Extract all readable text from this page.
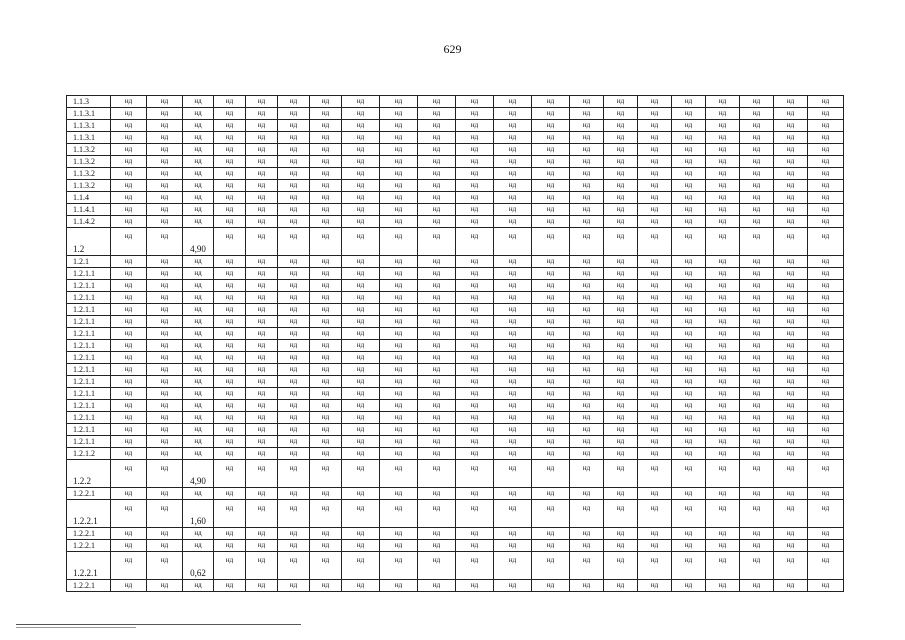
629
1.1.3	нд	нд	нд	нд	нд	нд	нд	нд	нд	нд	нд	нд	нд	нд	нд	нд	нд	нд	нд	нд	нд
1.1.3.1	нд	нд	нд	нд	нд	нд	нд	нд	нд	нд	нд	нд	нд	нд	нд	нд	нд	нд	нд	нд	нд
1.1.3.1	нд	нд	нд	нд	нд	нд	нд	нд	нд	нд	нд	нд	нд	нд	нд	нд	нд	нд	нд	нд	нд
1.1.3.1	нд	нд	нд	нд	нд	нд	нд	нд	нд	нд	нд	нд	нд	нд	нд	нд	нд	нд	нд	нд	нд
1.1.3.2	нд	нд	нд	нд	нд	нд	нд	нд	нд	нд	нд	нд	нд	нд	нд	нд	нд	нд	нд	нд	нд
1.1.3.2	нд	нд	нд	нд	нд	нд	нд	нд	нд	нд	нд	нд	нд	нд	нд	нд	нд	нд	нд	нд	нд
1.1.3.2	нд	нд	нд	нд	нд	нд	нд	нд	нд	нд	нд	нд	нд	нд	нд	нд	нд	нд	нд	нд	нд
1.1.3.2	нд	нд	нд	нд	нд	нд	нд	нд	нд	нд	нд	нд	нд	нд	нд	нд	нд	нд	нд	нд	нд
1.1.4	нд	нд	нд	нд	нд	нд	нд	нд	нд	нд	нд	нд	нд	нд	нд	нд	нд	нд	нд	нд	нд
1.1.4.1	нд	нд	нд	нд	нд	нд	нд	нд	нд	нд	нд	нд	нд	нд	нд	нд	нд	нд	нд	нд	нд
1.1.4.2	нд	нд	нд	нд	нд	нд	нд	нд	нд	нд	нд	нд	нд	нд	нд	нд	нд	нд	нд	нд	нд
1.2	нд	нд	4,90	нд	нд	нд	нд	нд	нд	нд	нд	нд	нд	нд	нд	нд	нд	нд	нд	нд	нд
1.2.1	нд	нд	нд	нд	нд	нд	нд	нд	нд	нд	нд	нд	нд	нд	нд	нд	нд	нд	нд	нд	нд
1.2.1.1	нд	нд	нд	нд	нд	нд	нд	нд	нд	нд	нд	нд	нд	нд	нд	нд	нд	нд	нд	нд	нд
1.2.1.1	нд	нд	нд	нд	нд	нд	нд	нд	нд	нд	нд	нд	нд	нд	нд	нд	нд	нд	нд	нд	нд
1.2.1.1	нд	нд	нд	нд	нд	нд	нд	нд	нд	нд	нд	нд	нд	нд	нд	нд	нд	нд	нд	нд	нд
1.2.1.1	нд	нд	нд	нд	нд	нд	нд	нд	нд	нд	нд	нд	нд	нд	нд	нд	нд	нд	нд	нд	нд
1.2.1.1	нд	нд	нд	нд	нд	нд	нд	нд	нд	нд	нд	нд	нд	нд	нд	нд	нд	нд	нд	нд	нд
1.2.1.1	нд	нд	нд	нд	нд	нд	нд	нд	нд	нд	нд	нд	нд	нд	нд	нд	нд	нд	нд	нд	нд
1.2.1.1	нд	нд	нд	нд	нд	нд	нд	нд	нд	нд	нд	нд	нд	нд	нд	нд	нд	нд	нд	нд	нд
1.2.1.1	нд	нд	нд	нд	нд	нд	нд	нд	нд	нд	нд	нд	нд	нд	нд	нд	нд	нд	нд	нд	нд
1.2.1.1	нд	нд	нд	нд	нд	нд	нд	нд	нд	нд	нд	нд	нд	нд	нд	нд	нд	нд	нд	нд	нд
1.2.1.1	нд	нд	нд	нд	нд	нд	нд	нд	нд	нд	нд	нд	нд	нд	нд	нд	нд	нд	нд	нд	нд
1.2.1.1	нд	нд	нд	нд	нд	нд	нд	нд	нд	нд	нд	нд	нд	нд	нд	нд	нд	нд	нд	нд	нд
1.2.1.1	нд	нд	нд	нд	нд	нд	нд	нд	нд	нд	нд	нд	нд	нд	нд	нд	нд	нд	нд	нд	нд
1.2.1.1	нд	нд	нд	нд	нд	нд	нд	нд	нд	нд	нд	нд	нд	нд	нд	нд	нд	нд	нд	нд	нд
1.2.1.1	нд	нд	нд	нд	нд	нд	нд	нд	нд	нд	нд	нд	нд	нд	нд	нд	нд	нд	нд	нд	нд
1.2.1.1	нд	нд	нд	нд	нд	нд	нд	нд	нд	нд	нд	нд	нд	нд	нд	нд	нд	нд	нд	нд	нд
1.2.1.2	нд	нд	нд	нд	нд	нд	нд	нд	нд	нд	нд	нд	нд	нд	нд	нд	нд	нд	нд	нд	нд
1.2.2	нд	нд	4,90	нд	нд	нд	нд	нд	нд	нд	нд	нд	нд	нд	нд	нд	нд	нд	нд	нд	нд
1.2.2.1	нд	нд	нд	нд	нд	нд	нд	нд	нд	нд	нд	нд	нд	нд	нд	нд	нд	нд	нд	нд	нд
1.2.2.1	нд	нд	1,60	нд	нд	нд	нд	нд	нд	нд	нд	нд	нд	нд	нд	нд	нд	нд	нд	нд	нд
1.2.2.1	нд	нд	нд	нд	нд	нд	нд	нд	нд	нд	нд	нд	нд	нд	нд	нд	нд	нд	нд	нд	нд
1.2.2.1	нд	нд	нд	нд	нд	нд	нд	нд	нд	нд	нд	нд	нд	нд	нд	нд	нд	нд	нд	нд	нд
1.2.2.1	нд	нд	0,62	нд	нд	нд	нд	нд	нд	нд	нд	нд	нд	нд	нд	нд	нд	нд	нд	нд	нд
1.2.2.1	нд	нд	нд	нд	нд	нд	нд	нд	нд	нд	нд	нд	нд	нд	нд	нд	нд	нд	нд	нд	нд
